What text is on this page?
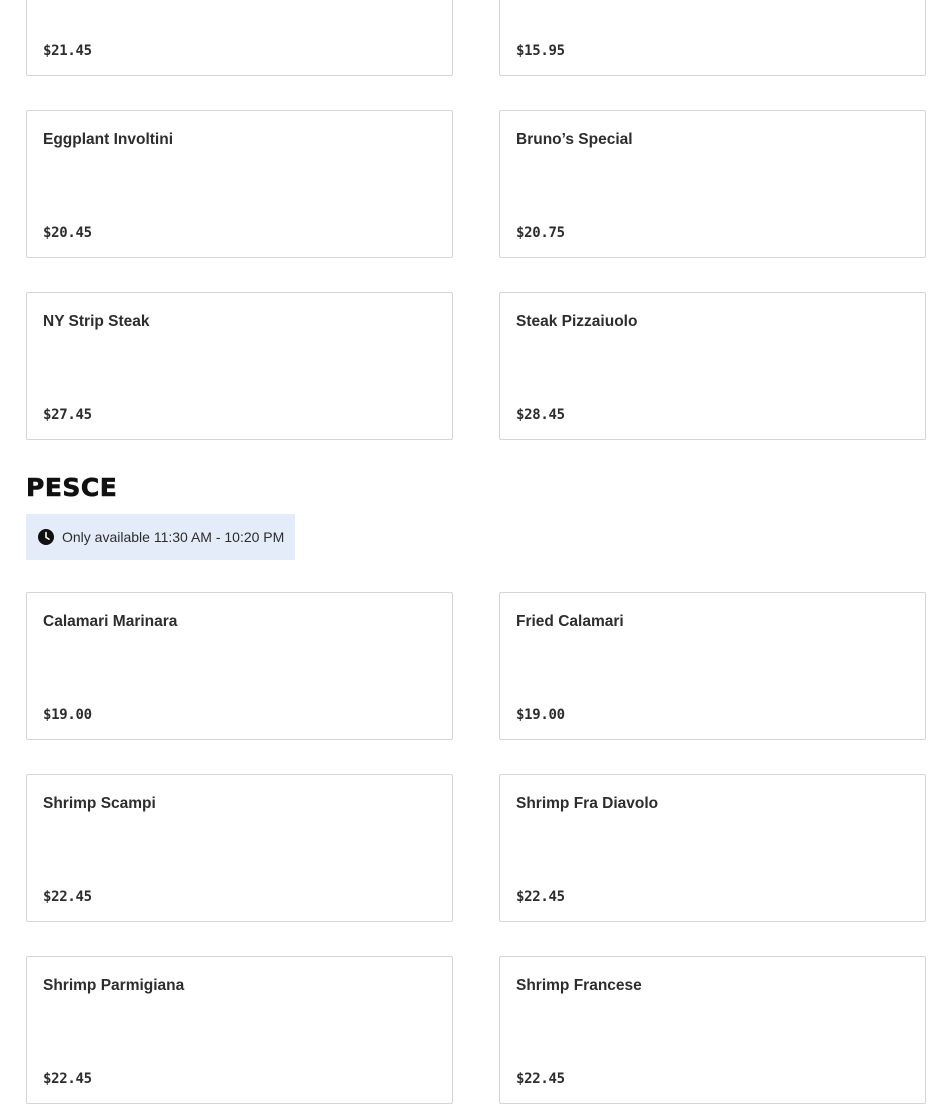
$21.45	$15.95
Eggplant Involtini
$20.45
Bruno’s Special
$20.75
NY Strip Steak
$27.45
Steak Pizzaiuolo
$28.45
PESCE
Only available 11:30 AM - 10:20 PM
Calamari Marinara
$19.00
Fried Calamari
$19.00
Shrimp Scampi
$22.45
Shrimp Fra Diavolo
$22.45
Shrimp Parmigiana
$22.45
Shrimp Francese
$22.45
